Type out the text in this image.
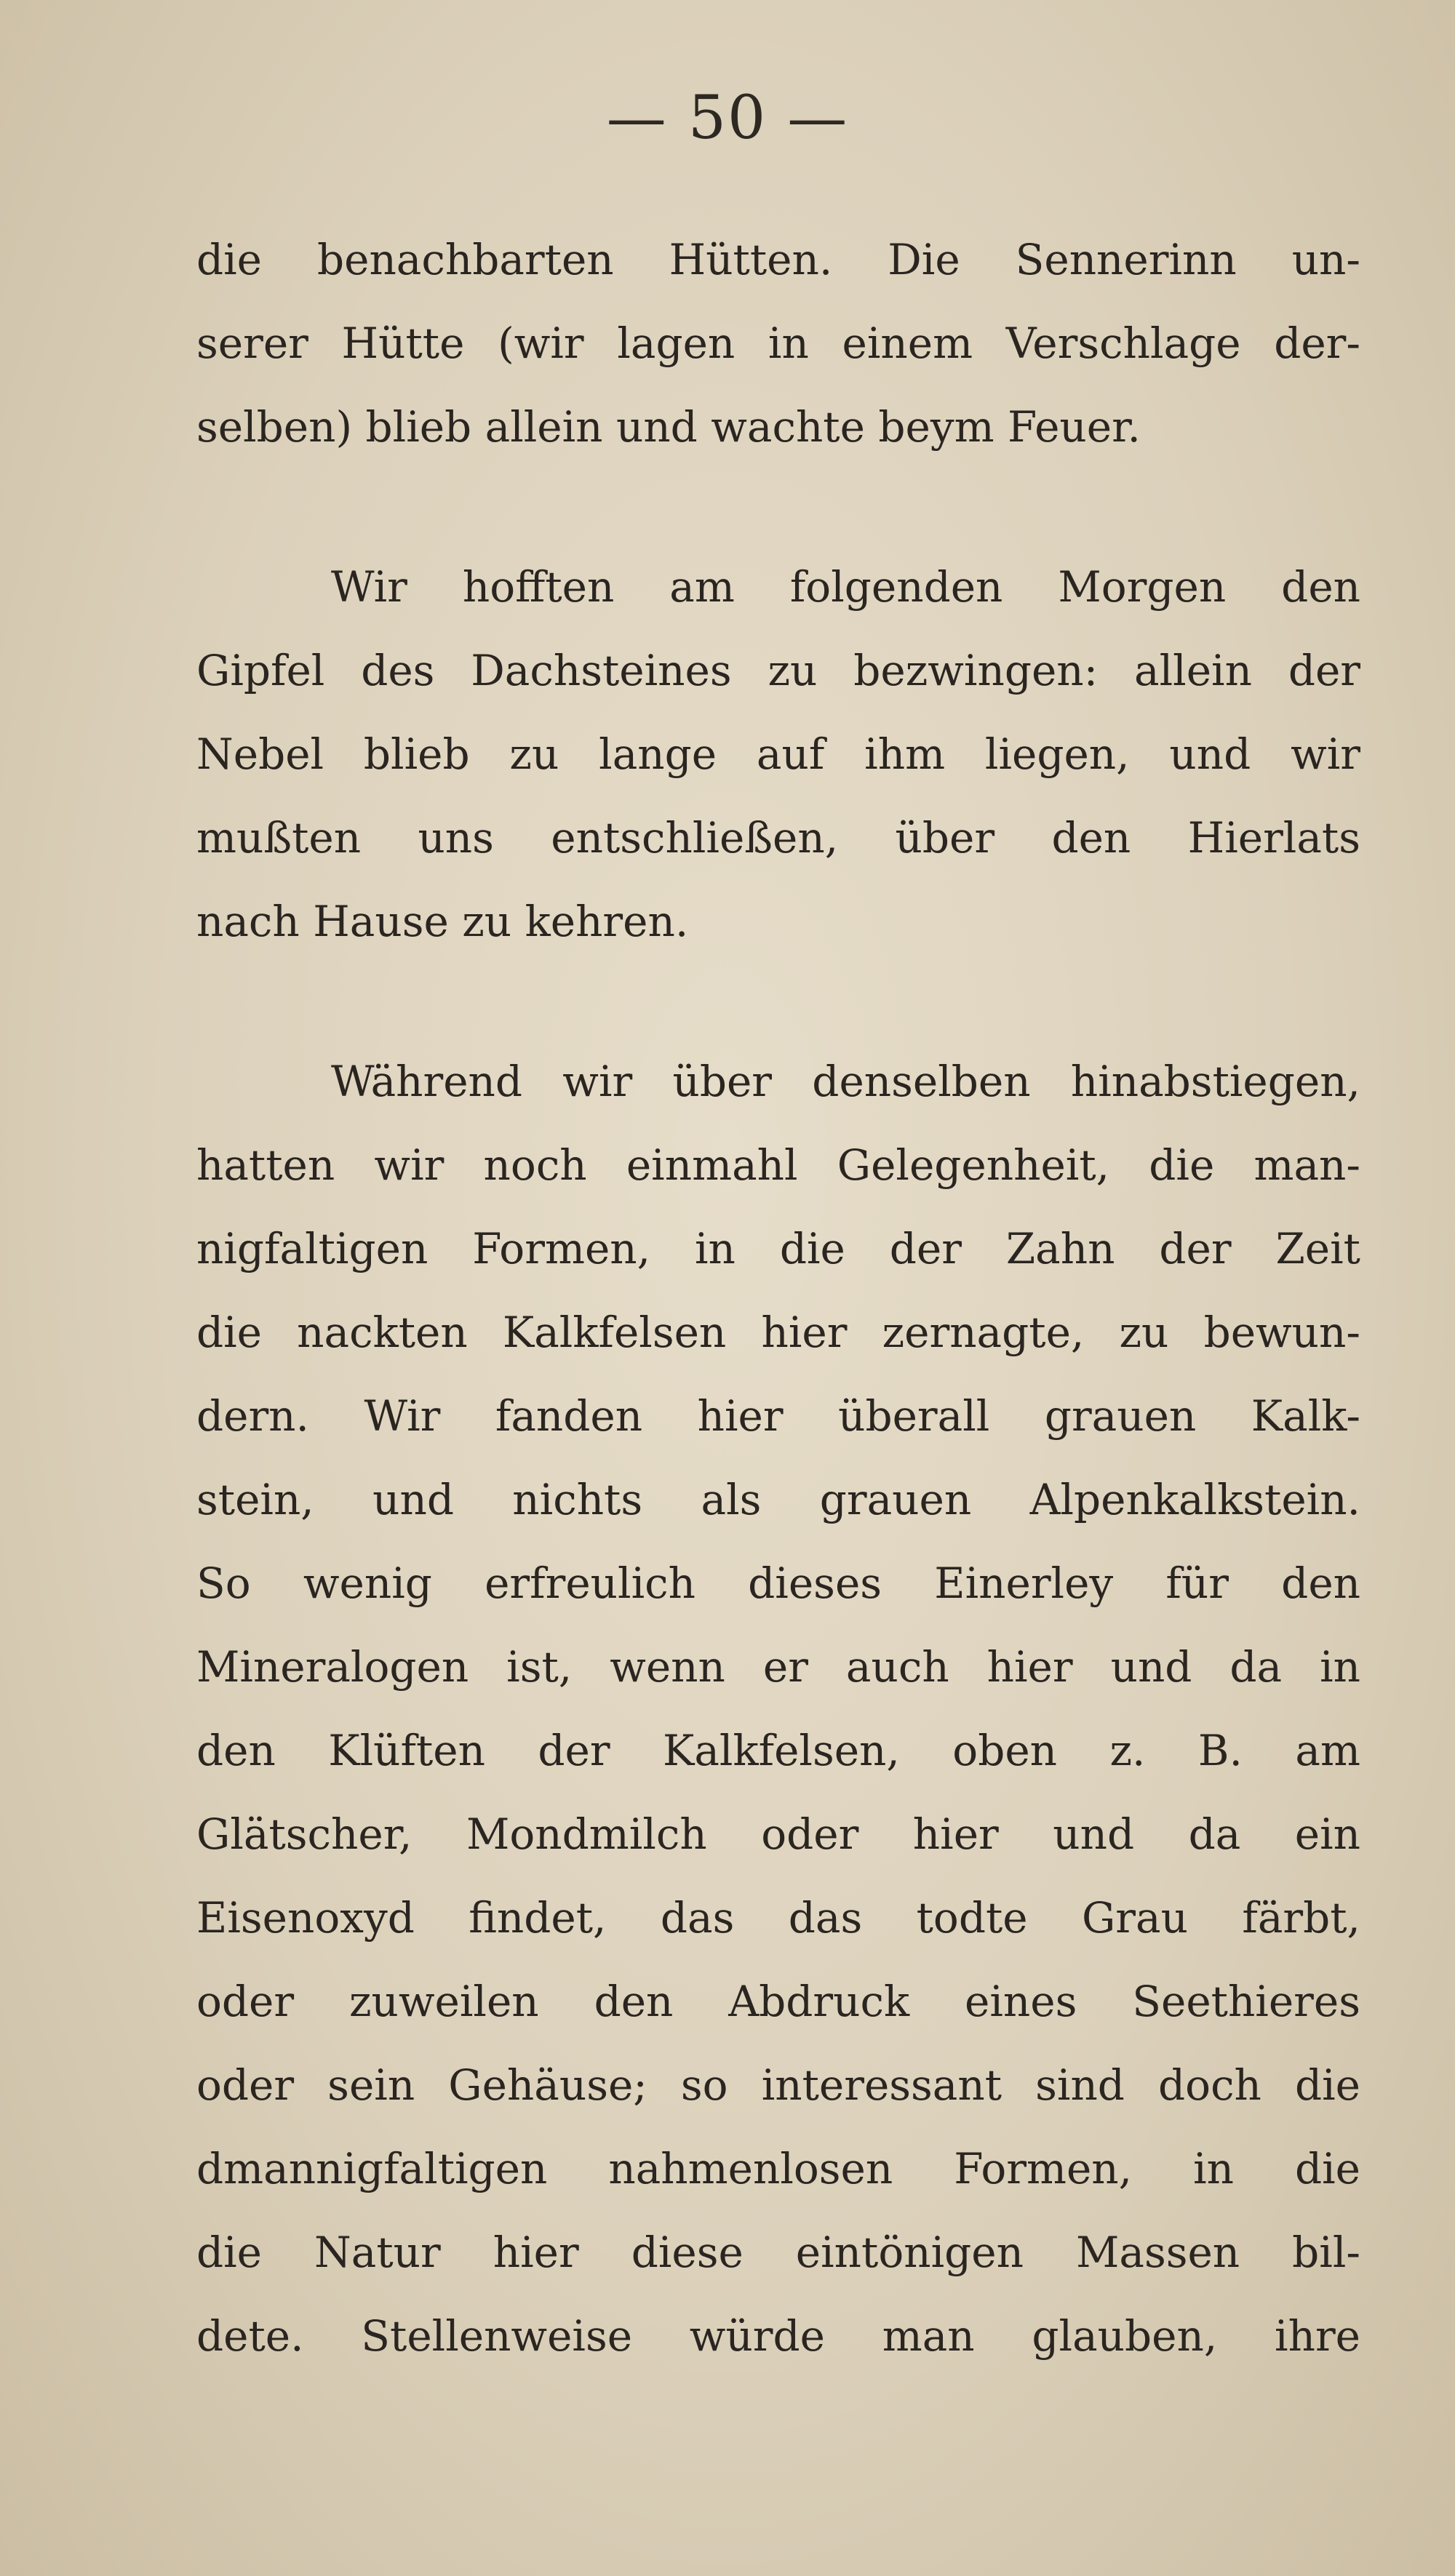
— 50 —
die benachbarten Hütten. Die Sennerinn un-
serer Hütte (wir lagen in einem Verschlage der-
selben) blieb allein und wachte beym Feuer.
Wir hofften am folgenden Morgen den
Gipfel des Dachsteines zu bezwingen: allein der
Nebel blieb zu lange auf ihm liegen, und wir
mußten uns entschließen, über den Hierlats
nach Hause zu kehren.
Während wir über denselben hinabstiegen,
hatten wir noch einmahl Gelegenheit, die man-
nigfaltigen Formen, in die der Zahn der Zeit
die nackten Kalkfelsen hier zernagte, zu bewun-
dern. Wir fanden hier überall grauen Kalk-
stein, und nichts als grauen Alpenkalkstein.
So wenig erfreulich dieses Einerley für den
Mineralogen ist, wenn er auch hier und da in
den Klüften der Kalkfelsen, oben z. B. am
Glätscher, Mondmilch oder hier und da ein
Eisenoxyd findet, das das todte Grau färbt,
oder zuweilen den Abdruck eines Seethieres
oder sein Gehäuse; so interessant sind doch die
dmannigfaltigen nahmenlosen Formen, in die
die Natur hier diese eintönigen Massen bil-
dete. Stellenweise würde man glauben, ihre
